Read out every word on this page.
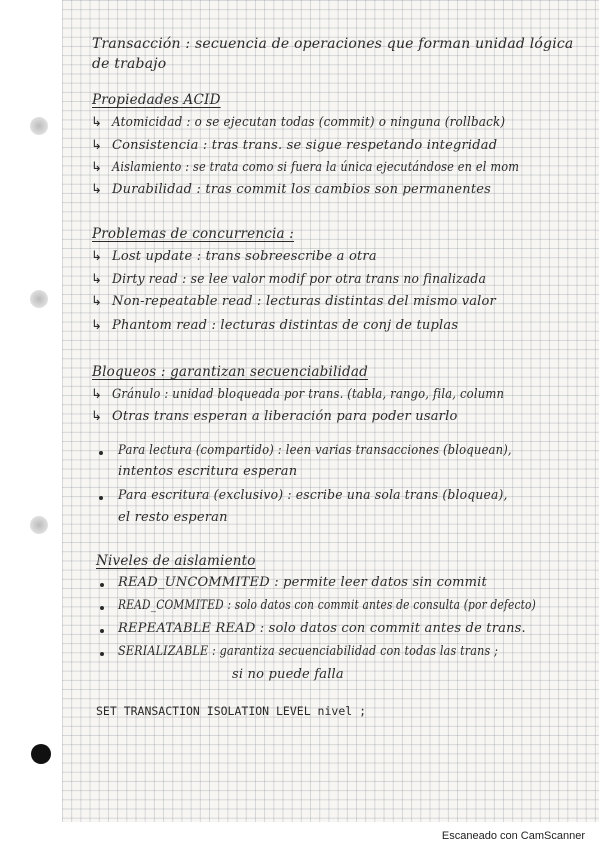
Transacción : secuencia de operaciones que forman unidad lógica
de trabajo
Propiedades ACID
↳ Atomicidad : o se ejecutan todas (commit) o ninguna (rollback)
↳ Consistencia : tras trans. se sigue respetando integridad
↳ Aislamiento : se trata como si fuera la única ejecutándose en el mom
↳ Durabilidad : tras commit los cambios son permanentes
Problemas de concurrencia :
↳ Lost update : trans sobreescribe a otra
↳ Dirty read : se lee valor modif por otra trans no finalizada
↳ Non-repeatable read : lecturas distintas del mismo valor
↳ Phantom read : lecturas distintas de conj de tuplas
Bloqueos : garantizan secuenciabilidad
↳ Gránulo : unidad bloqueada por trans. (tabla, rango, fila, column
↳ Otras trans esperan a liberación para poder usarlo
Para lectura (compartido) : leen varias transacciones (bloquean),
intentos escritura esperan
Para escritura (exclusivo) : escribe una sola trans (bloquea),
el resto esperan
Niveles de aislamiento
READ_UNCOMMITED : permite leer datos sin commit
READ_COMMITED : solo datos con commit antes de consulta (por defecto)
REPEATABLE READ : solo datos con commit antes de trans.
SERIALIZABLE : garantiza secuenciabilidad con todas las trans ;
si no puede falla
SET TRANSACTION ISOLATION LEVEL nivel ;
Escaneado con CamScanner
